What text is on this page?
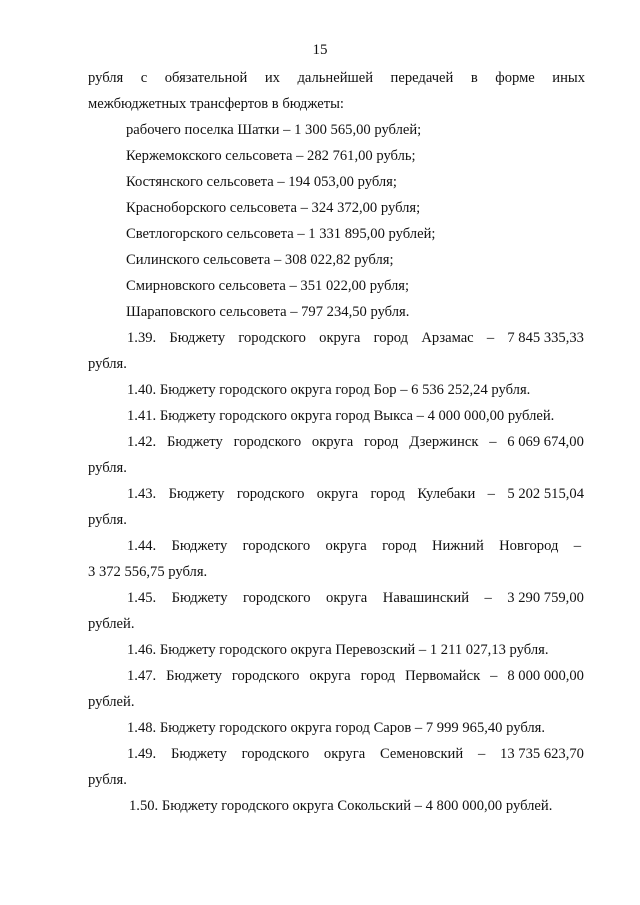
15
рубля с обязательной их дальнейшей передачей в форме иных
межбюджетных трансфертов в бюджеты:
рабочего поселка Шатки – 1 300 565,00 рублей;
Кержемокского сельсовета – 282 761,00 рубль;
Костянского сельсовета – 194 053,00 рубля;
Красноборского сельсовета – 324 372,00 рубля;
Светлогорского сельсовета – 1 331 895,00 рублей;
Силинского сельсовета – 308 022,82 рубля;
Смирновского сельсовета – 351 022,00 рубля;
Шараповского сельсовета – 797 234,50 рубля.
1.39. Бюджету городского округа город Арзамас – 7 845 335,33
рубля.
1.40. Бюджету городского округа город Бор – 6 536 252,24 рубля.
1.41. Бюджету городского округа город Выкса – 4 000 000,00 рублей.
1.42. Бюджету городского округа город Дзержинск – 6 069 674,00
рубля.
1.43. Бюджету городского округа город Кулебаки – 5 202 515,04
рубля.
1.44. Бюджету городского округа город Нижний Новгород –
3 372 556,75 рубля.
1.45. Бюджету городского округа Навашинский – 3 290 759,00
рублей.
1.46. Бюджету городского округа Перевозский – 1 211 027,13 рубля.
1.47. Бюджету городского округа город Первомайск – 8 000 000,00
рублей.
1.48. Бюджету городского округа город Саров – 7 999 965,40 рубля.
1.49. Бюджету городского округа Семеновский – 13 735 623,70
рубля.
1.50. Бюджету городского округа Сокольский – 4 800 000,00 рублей.
